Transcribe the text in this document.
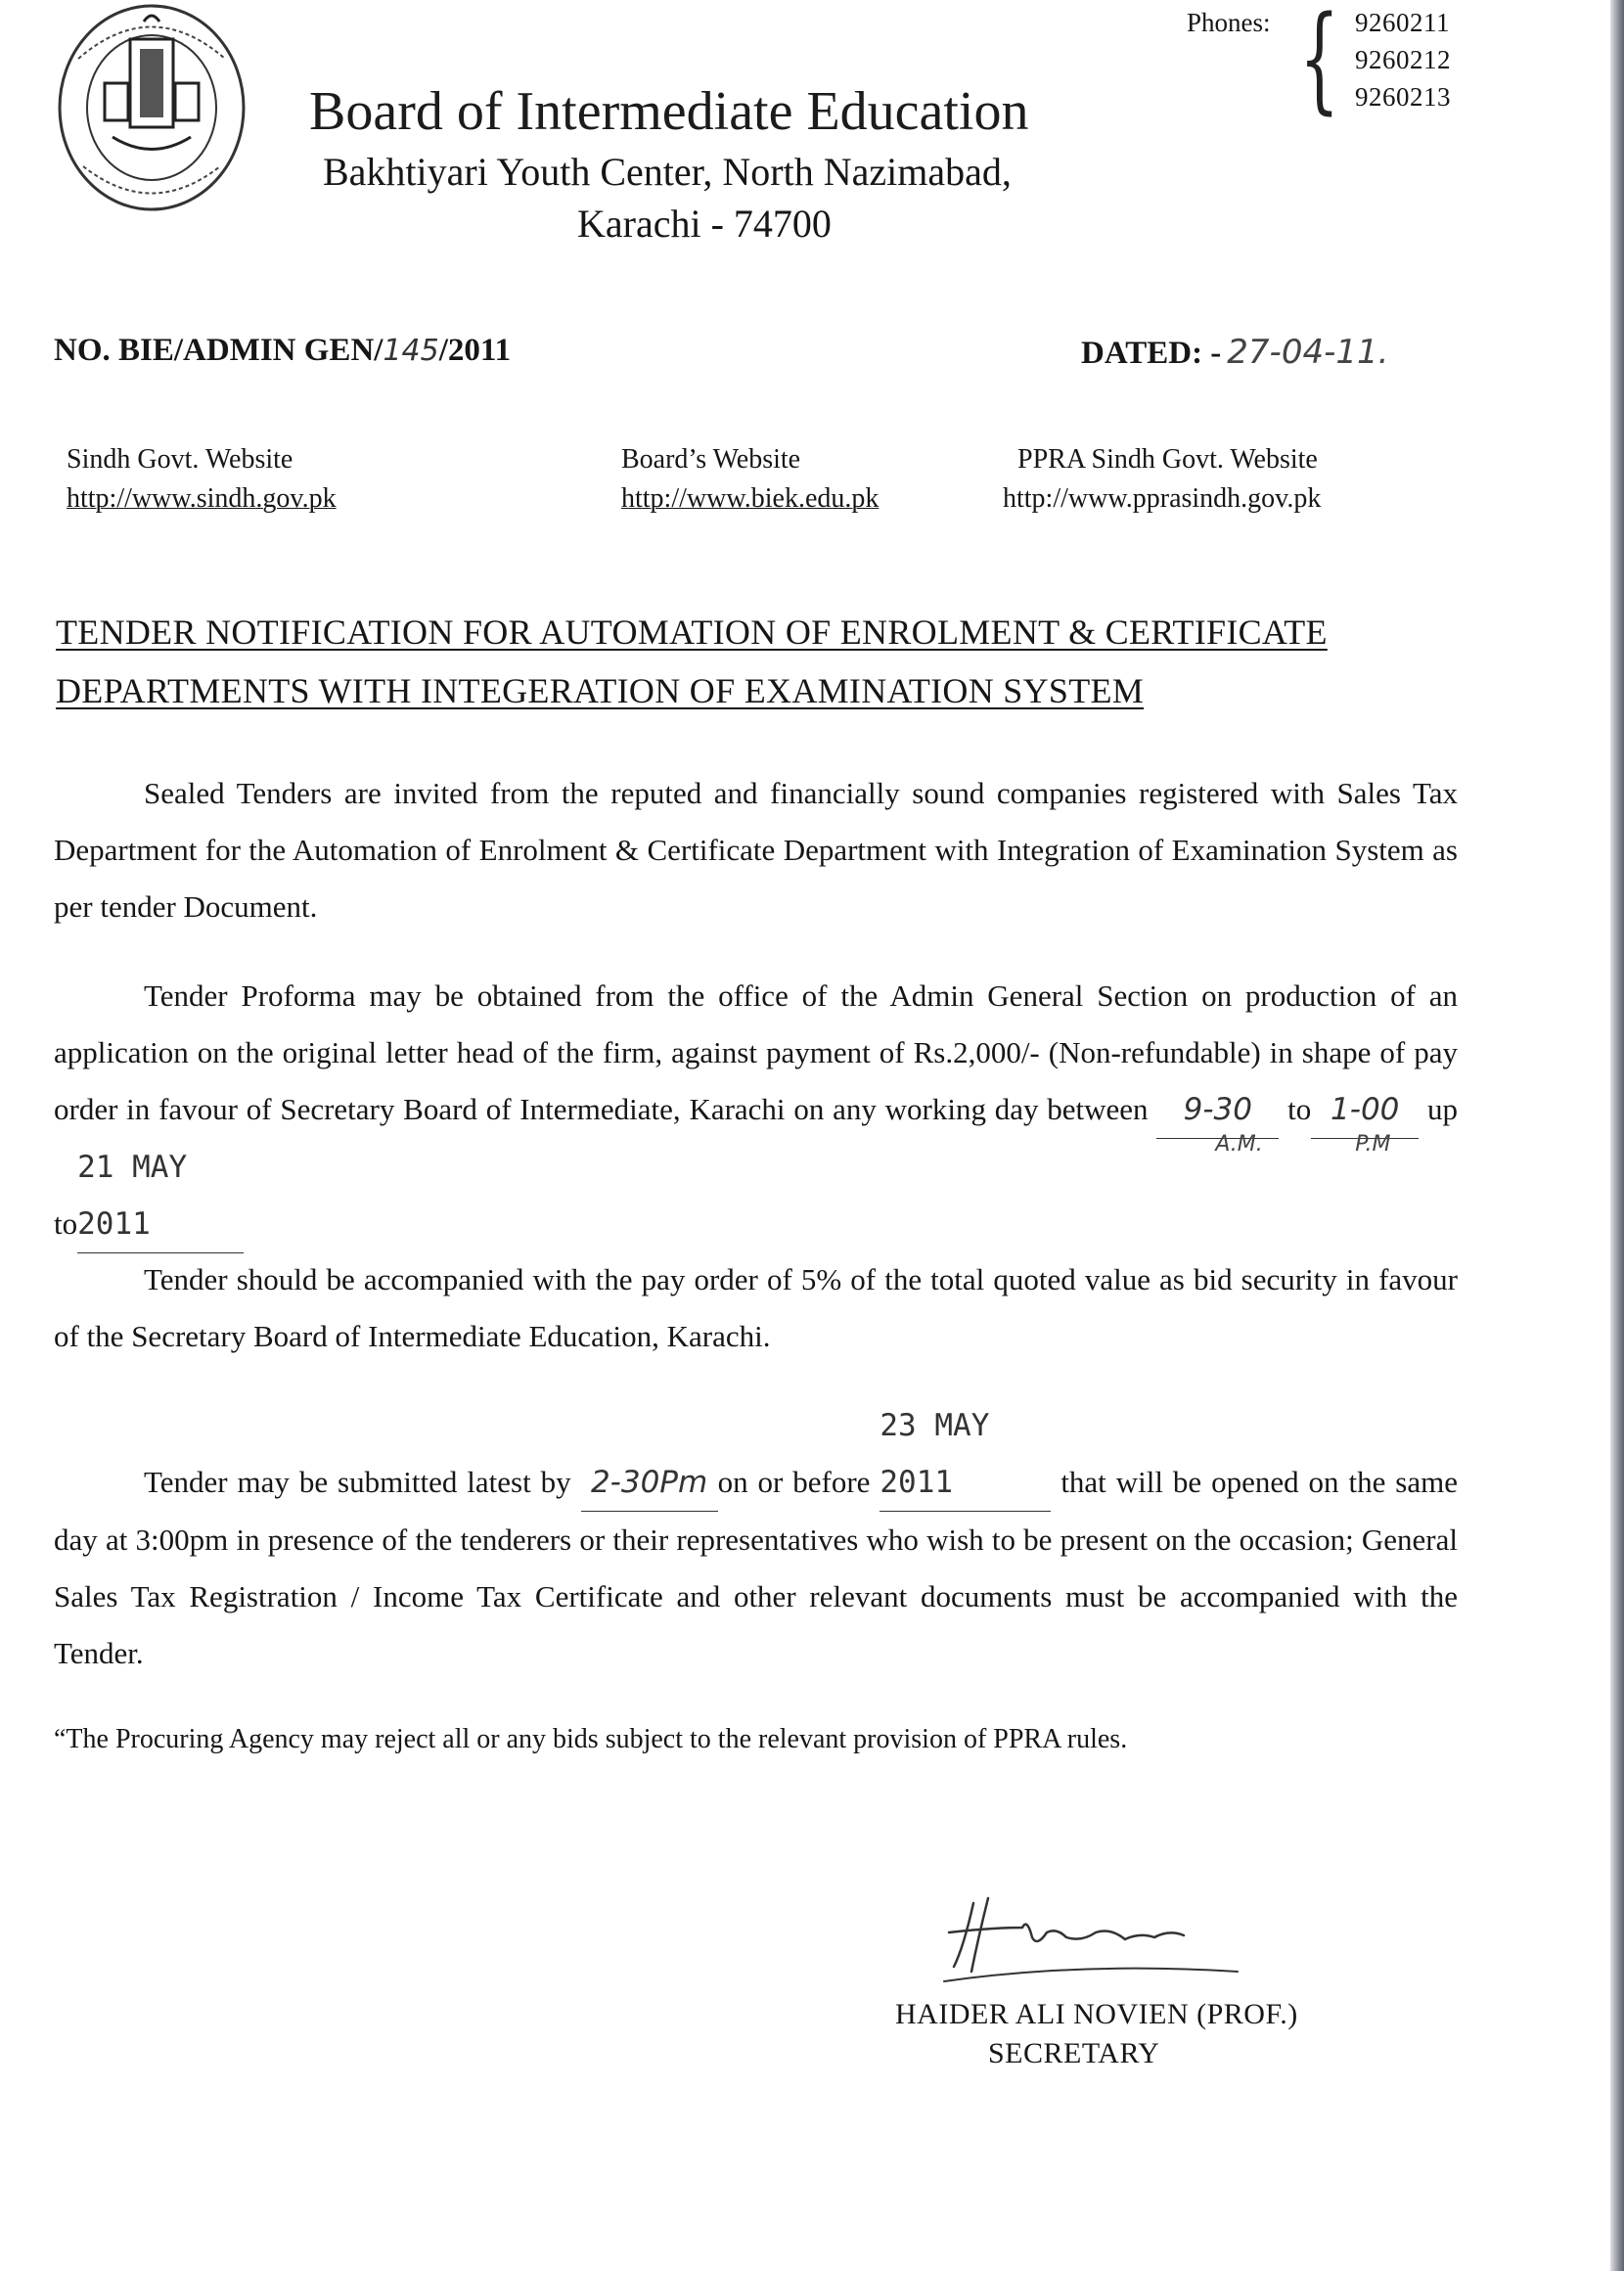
Board of Intermediate Education
Bakhtiyari Youth Center, North Nazimabad,
Karachi - 74700
Phones: { 9260211
9260212
9260213
NO. BIE/ADMIN GEN/145/2011	DATED: - 27-04-11.
Sindh Govt. Website
http://www.sindh.gov.pk
Board’s Website
http://www.biek.edu.pk
PPRA Sindh Govt. Website
http://www.pprasindh.gov.pk
TENDER NOTIFICATION FOR AUTOMATION OF ENROLMENT & CERTIFICATE
DEPARTMENTS WITH INTEGERATION OF EXAMINATION SYSTEM

Sealed Tenders are invited from the reputed and financially sound companies registered with Sales Tax Department for the Automation of Enrolment & Certificate Department with Integration of Examination System as per tender Document.

Tender Proforma may be obtained from the office of the Admin General Section on production of an application on the original letter head of the firm, against payment of Rs.2,000/- (Non-refundable) in shape of pay order in favour of Secretary Board of Intermediate, Karachi on any working day between 9-30
A.M.
to 1-00
P.M
up to21 MAY 2011

Tender should be accompanied with the pay order of 5% of the total quoted value as bid security in favour of the Secretary Board of Intermediate Education, Karachi.

Tender may be submitted latest by 2-30Pm on or before 23 MAY 2011	that will be opened on the same day at 3:00pm in presence of the tenderers or their representatives who wish to be present on the occasion; General Sales Tax Registration / Income Tax Certificate and other relevant documents must be accompanied with the Tender.

“The Procuring Agency may reject all or any bids subject to the relevant provision of PPRA rules.
HAIDER ALI NOVIEN (PROF.)
SECRETARY
